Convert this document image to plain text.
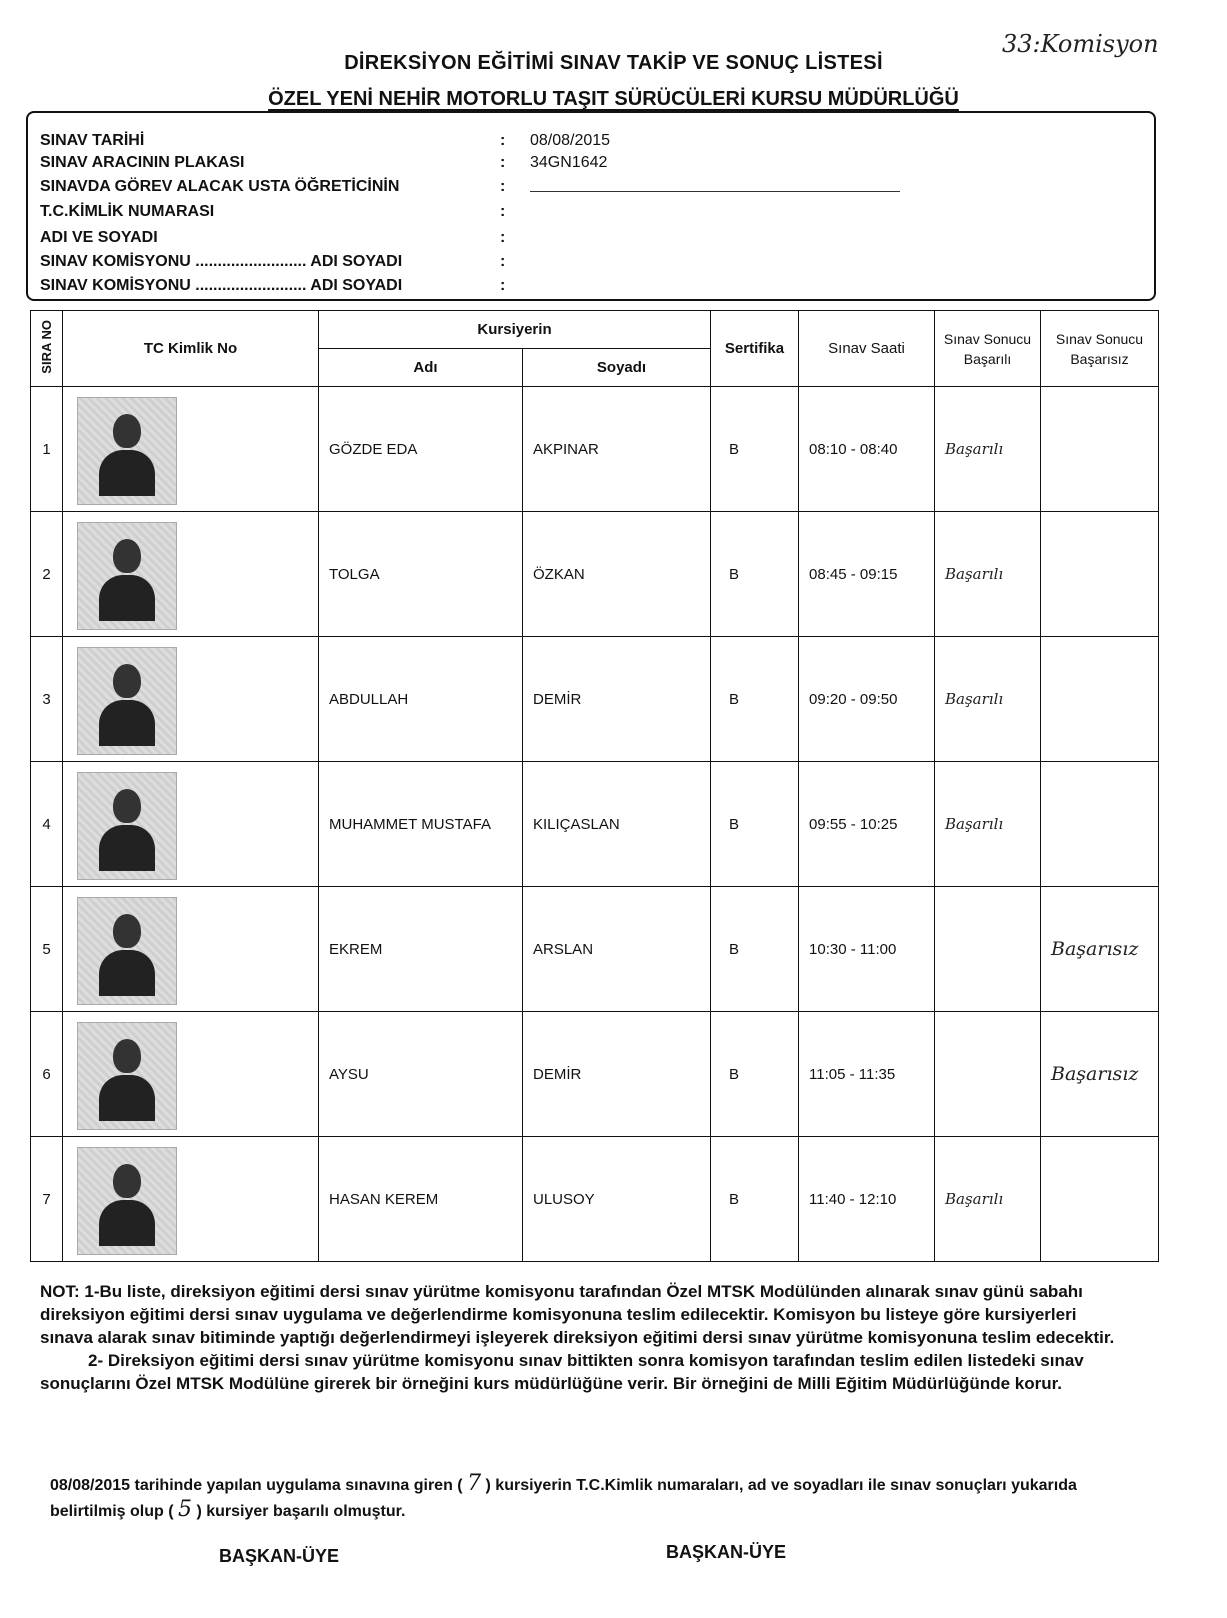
DİREKSİYON EĞİTİMİ SINAV TAKİP VE SONUÇ LİSTESİ
ÖZEL YENİ NEHİR MOTORLU TAŞIT SÜRÜCÜLERİ KURSU MÜDÜRLÜĞÜ
33:Komisyon
SINAV TARİHİ	:	08/08/2015
SINAV ARACININ PLAKASI	:	34GN1642
SINAVDA GÖREV ALACAK USTA ÖĞRETİCİNİN	:
T.C.KİMLİK NUMARASI	:
ADI VE SOYADI	:
SINAV KOMİSYONU ......................... ADI SOYADI	:
SINAV KOMİSYONU ......................... ADI SOYADI	:
SIRA NO	TC Kimlik No	Kursiyerin		Sertifika	Sınav Saati	Sınav Sonucu Başarılı	Sınav Sonucu Başarısız
		Adı	Soyadı				
1		GÖZDE EDA	AKPINAR	B	08:10 - 08:40	Başarılı	
2		TOLGA	ÖZKAN	B	08:45 - 09:15	Başarılı	
3		ABDULLAH	DEMİR	B	09:20 - 09:50	Başarılı	
4		MUHAMMET MUSTAFA	KILIÇASLAN	B	09:55 - 10:25	Başarılı	
5		EKREM	ARSLAN	B	10:30 - 11:00		Başarısız
6		AYSU	DEMİR	B	11:05 - 11:35		Başarısız
7		HASAN KEREM	ULUSOY	B	11:40 - 12:10	Başarılı	

NOT: 1-Bu liste, direksiyon eğitimi dersi sınav yürütme komisyonu tarafından Özel MTSK Modülünden alınarak sınav günü sabahı direksiyon eğitimi dersi sınav uygulama ve değerlendirme komisyonuna teslim edilecektir. Komisyon bu listeye göre kursiyerleri sınava alarak sınav bitiminde yaptığı değerlendirmeyi işleyerek direksiyon eğitimi dersi sınav yürütme komisyonuna teslim edecektir.

2- Direksiyon eğitimi dersi sınav yürütme komisyonu sınav bittikten sonra komisyon tarafından teslim edilen listedeki sınav sonuçlarını Özel MTSK Modülüne girerek bir örneğini kurs müdürlüğüne verir. Bir örneğini de Milli Eğitim Müdürlüğünde korur.

08/08/2015 tarihinde yapılan uygulama sınavına giren ( 7 ) kursiyerin T.C.Kimlik numaraları, ad ve soyadları ile sınav sonuçları yukarıda belirtilmiş olup ( 5 ) kursiyer başarılı olmuştur.
BAŞKAN-ÜYE	BAŞKAN-ÜYE
